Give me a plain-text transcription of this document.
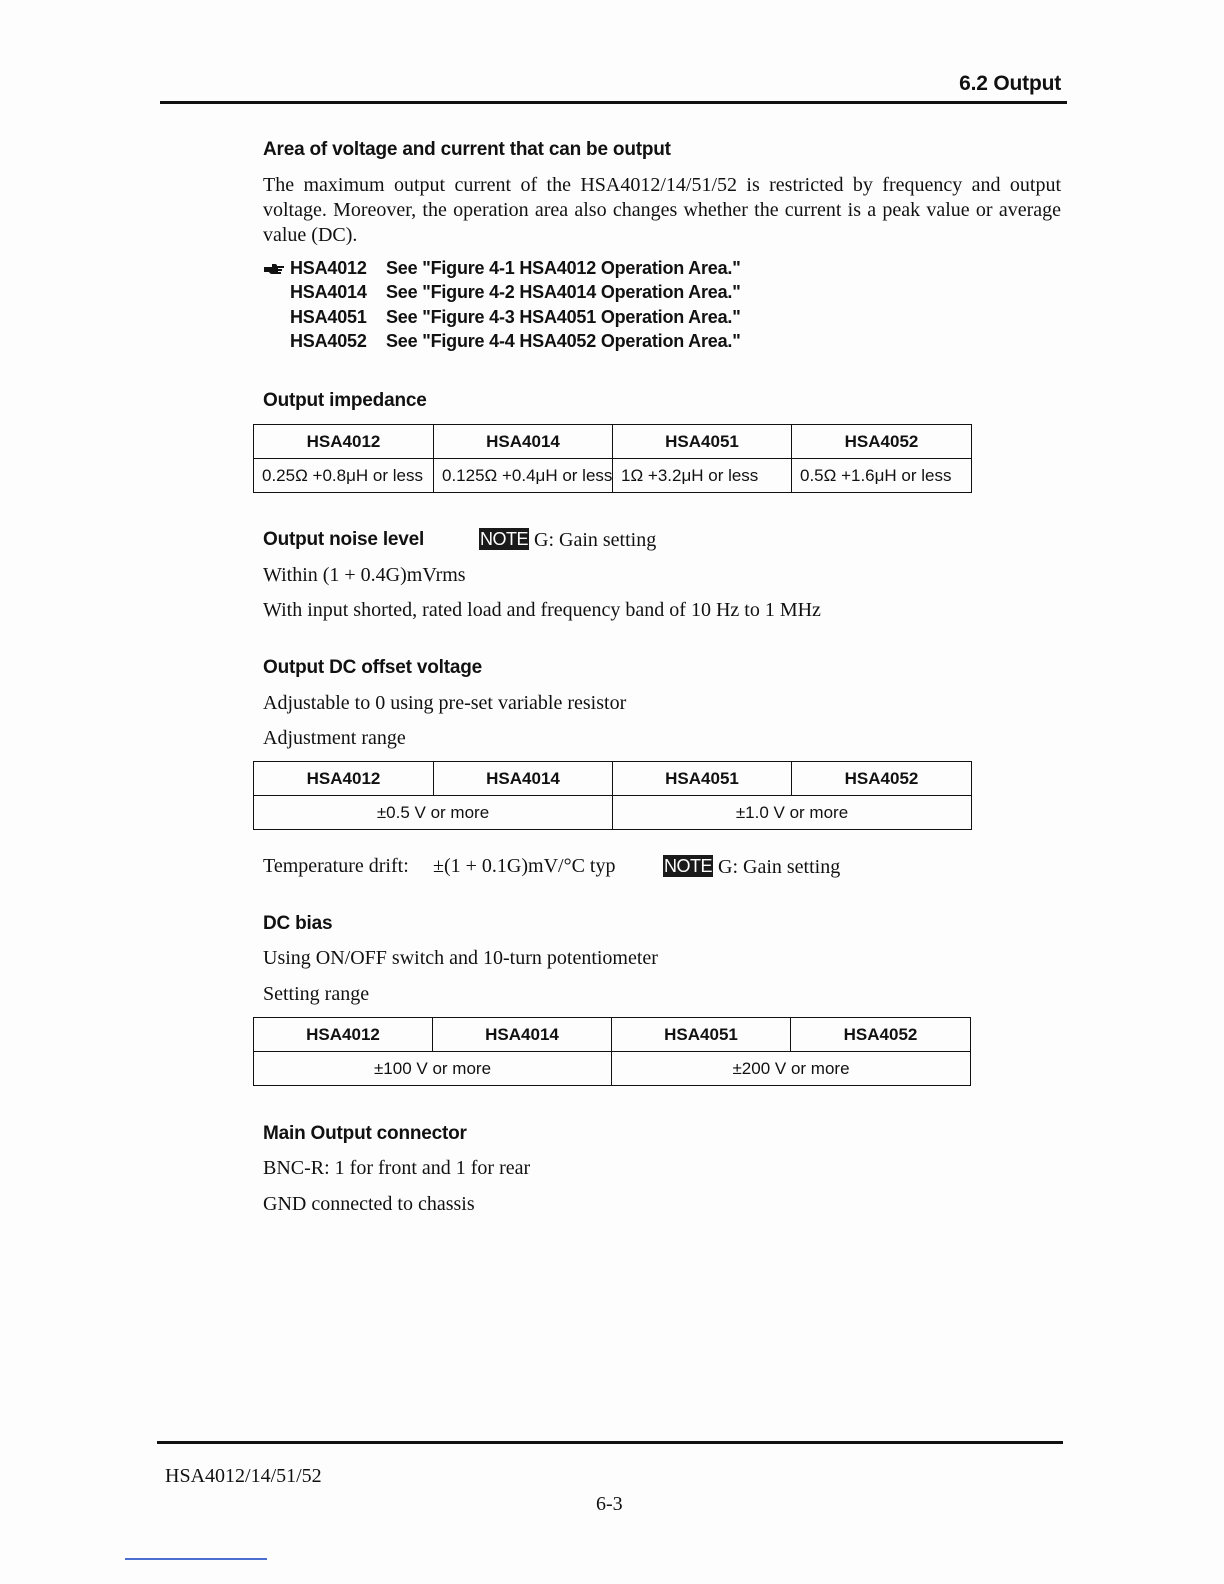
6.2 Output
Area of voltage and current that can be output
The maximum output current of the HSA4012/14/51/52 is restricted by frequency and output voltage. Moreover, the operation area also changes whether the current is a peak value or average value (DC).
HSA4012 See "Figure 4-1 HSA4012 Operation Area."
HSA4014 See "Figure 4-2 HSA4014 Operation Area."
HSA4051 See "Figure 4-3 HSA4051 Operation Area."
HSA4052 See "Figure 4-4 HSA4052 Operation Area."
Output impedance
HSA4012	HSA4014	HSA4051	HSA4052
0.25Ω +0.8μH or less	0.125Ω +0.4μH or less	1Ω +3.2μH or less	0.5Ω +1.6μH or less
Output noise level	NOTE G: Gain setting
Within (1 + 0.4G)mVrms
With input shorted, rated load and frequency band of 10 Hz to 1 MHz
Output DC offset voltage
Adjustable to 0 using pre-set variable resistor
Adjustment range
HSA4012	HSA4014	HSA4051	HSA4052
±0.5 V or more		±1.0 V or more	
Temperature drift: ±(1 + 0.1G)mV/°C typ	NOTE G: Gain setting
DC bias
Using ON/OFF switch and 10-turn potentiometer
Setting range
HSA4012	HSA4014	HSA4051	HSA4052
±100 V or more		±200 V or more	
Main Output connector
BNC-R: 1 for front and 1 for rear
GND connected to chassis
HSA4012/14/51/52
6-3
